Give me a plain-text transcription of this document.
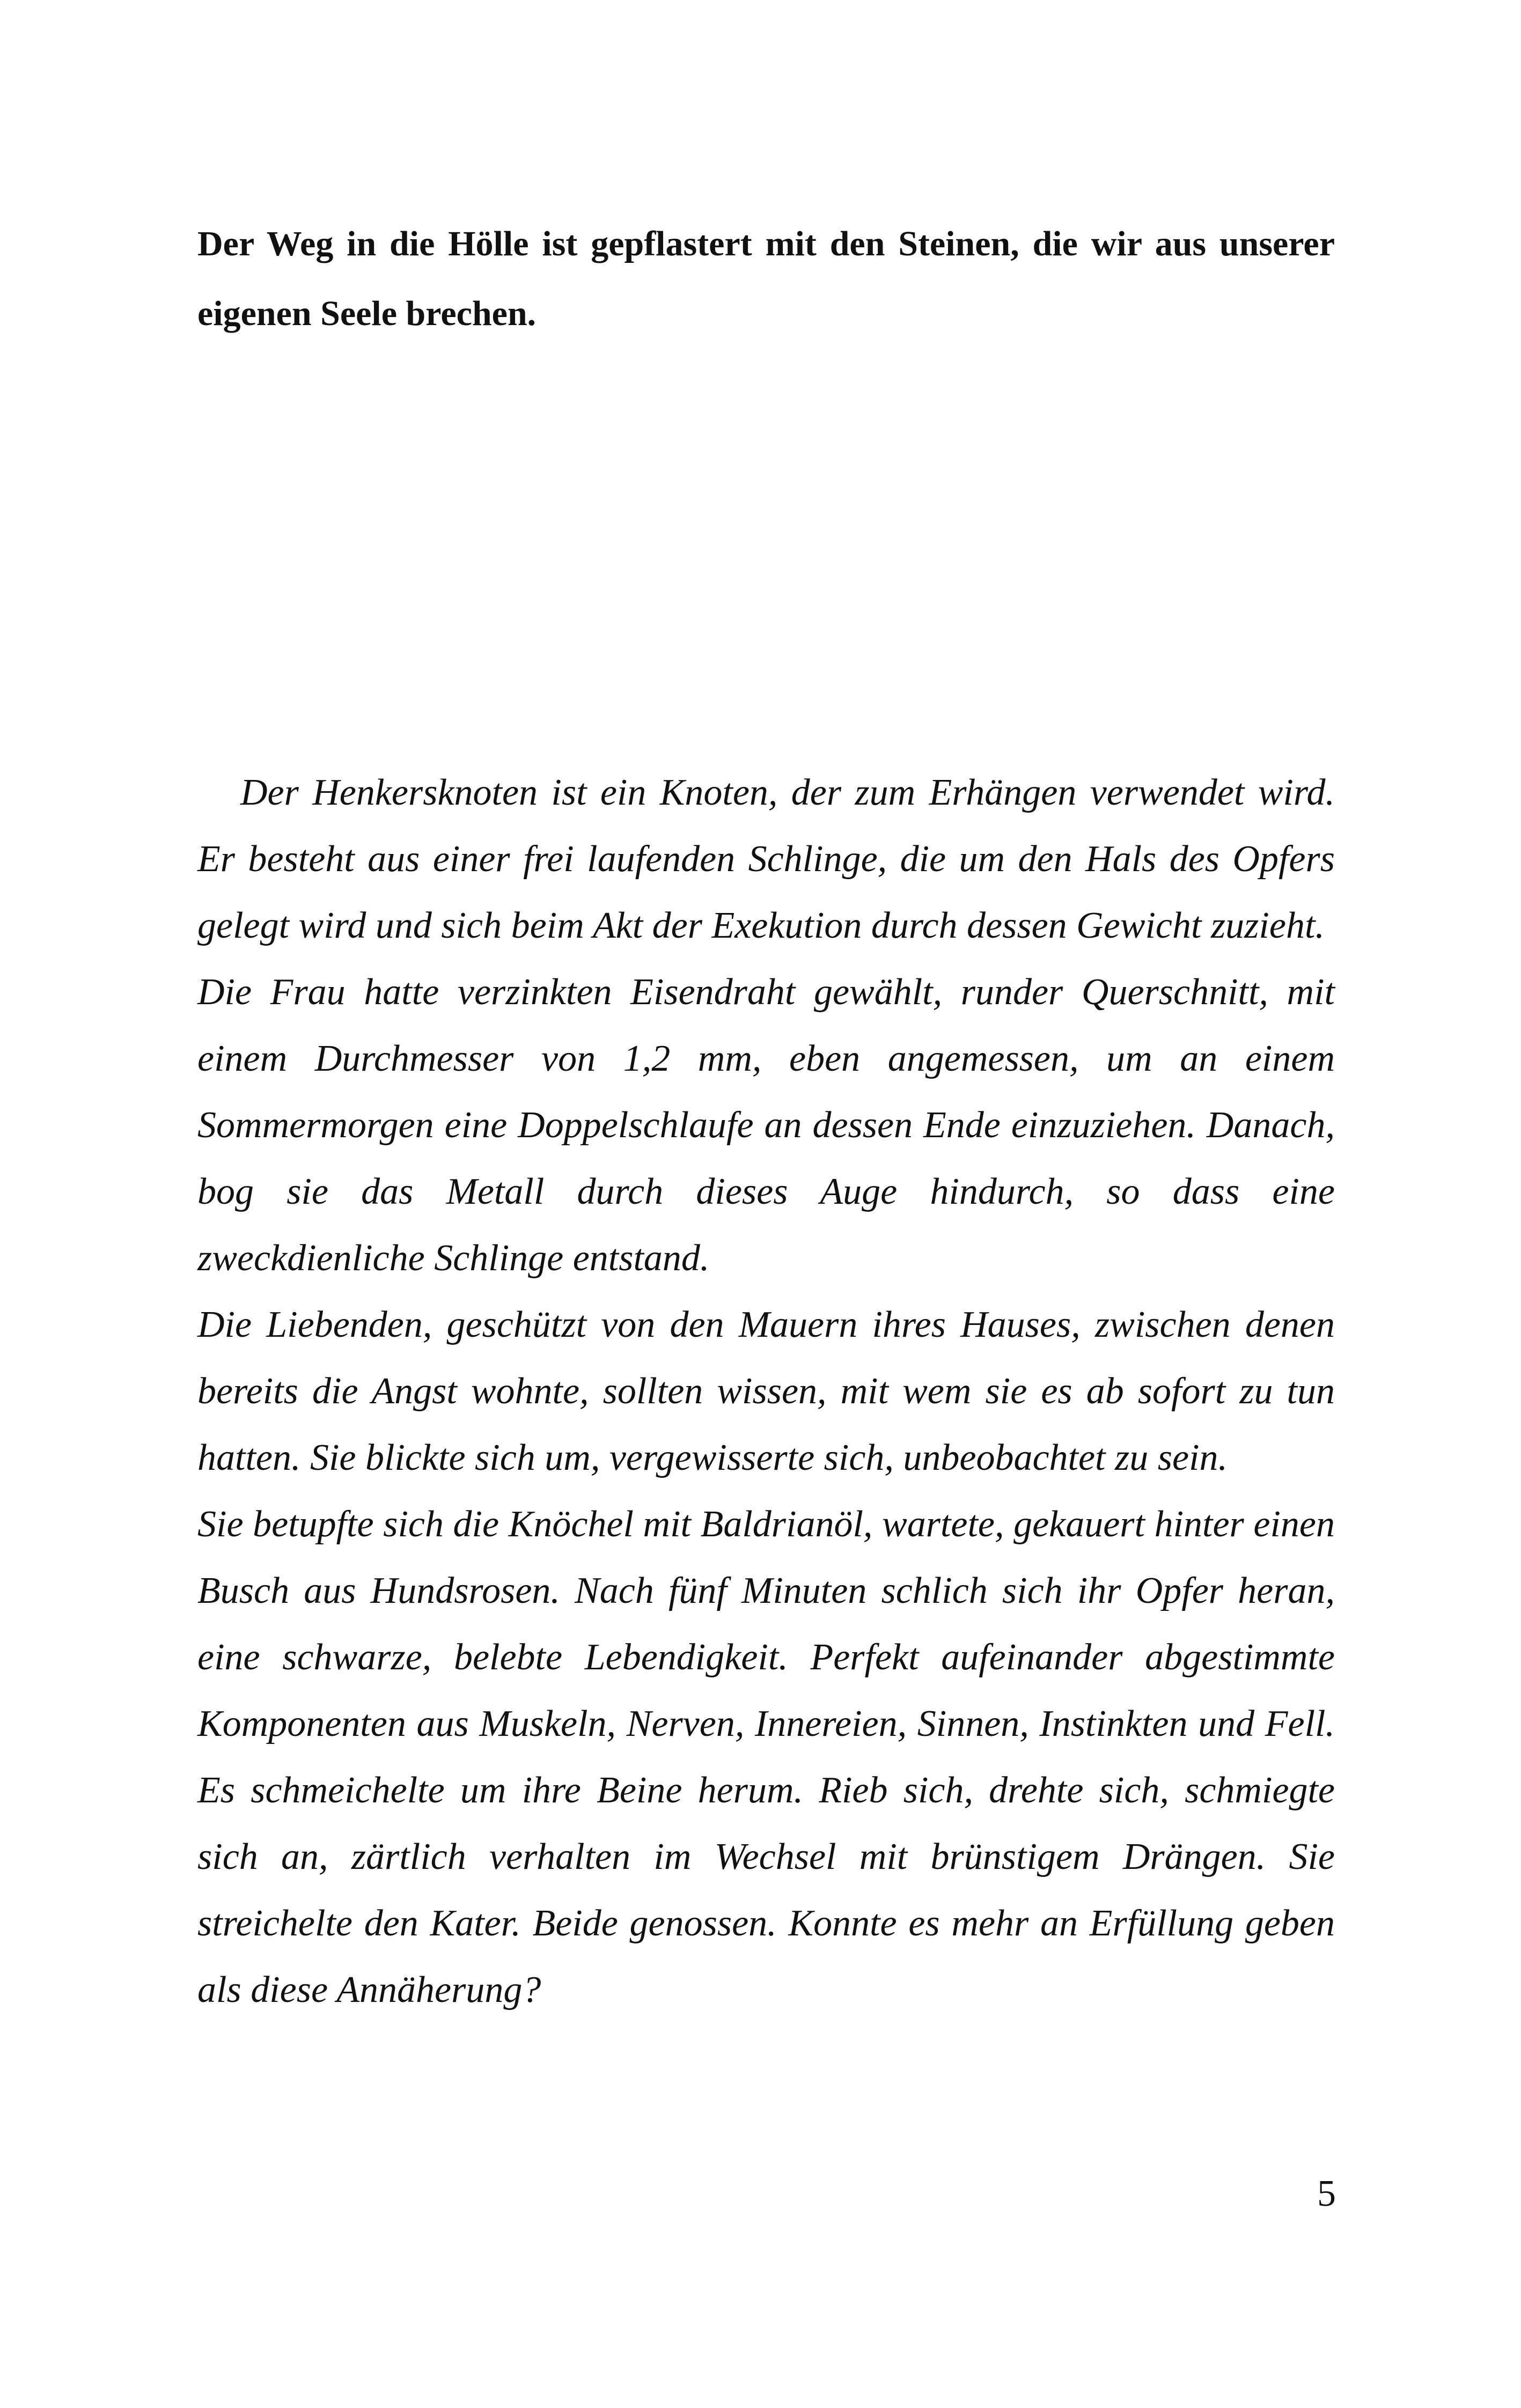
Der Weg in die Hölle ist gepflastert mit den Steinen, die wir aus unserer eigenen Seele brechen.

Der Henkersknoten ist ein Knoten, der zum Erhängen verwendet wird. Er besteht aus einer frei laufenden Schlinge, die um den Hals des Opfers gelegt wird und sich beim Akt der Exekution durch dessen Gewicht zuzieht.

Die Frau hatte verzinkten Eisendraht gewählt, runder Querschnitt, mit einem Durchmesser von 1,2 mm, eben angemessen, um an einem Sommermorgen eine Doppelschlaufe an dessen Ende einzuziehen. Danach, bog sie das Metall durch dieses Auge hindurch, so dass eine zweckdienliche Schlinge entstand.

Die Liebenden, geschützt von den Mauern ihres Hauses, zwischen denen bereits die Angst wohnte, sollten wissen, mit wem sie es ab sofort zu tun hatten. Sie blickte sich um, vergewisserte sich, unbeobachtet zu sein.

Sie betupfte sich die Knöchel mit Baldrianöl, wartete, gekauert hinter einen Busch aus Hundsrosen. Nach fünf Minuten schlich sich ihr Opfer heran, eine schwarze, belebte Lebendigkeit. Perfekt aufeinander abgestimmte Komponenten aus Muskeln, Nerven, Innereien, Sinnen, Instinkten und Fell. Es schmeichelte um ihre Beine herum. Rieb sich, drehte sich, schmiegte sich an, zärtlich verhalten im Wechsel mit brünstigem Drängen. Sie streichelte den Kater. Beide genossen. Konnte es mehr an Erfüllung geben als diese Annäherung?

5
